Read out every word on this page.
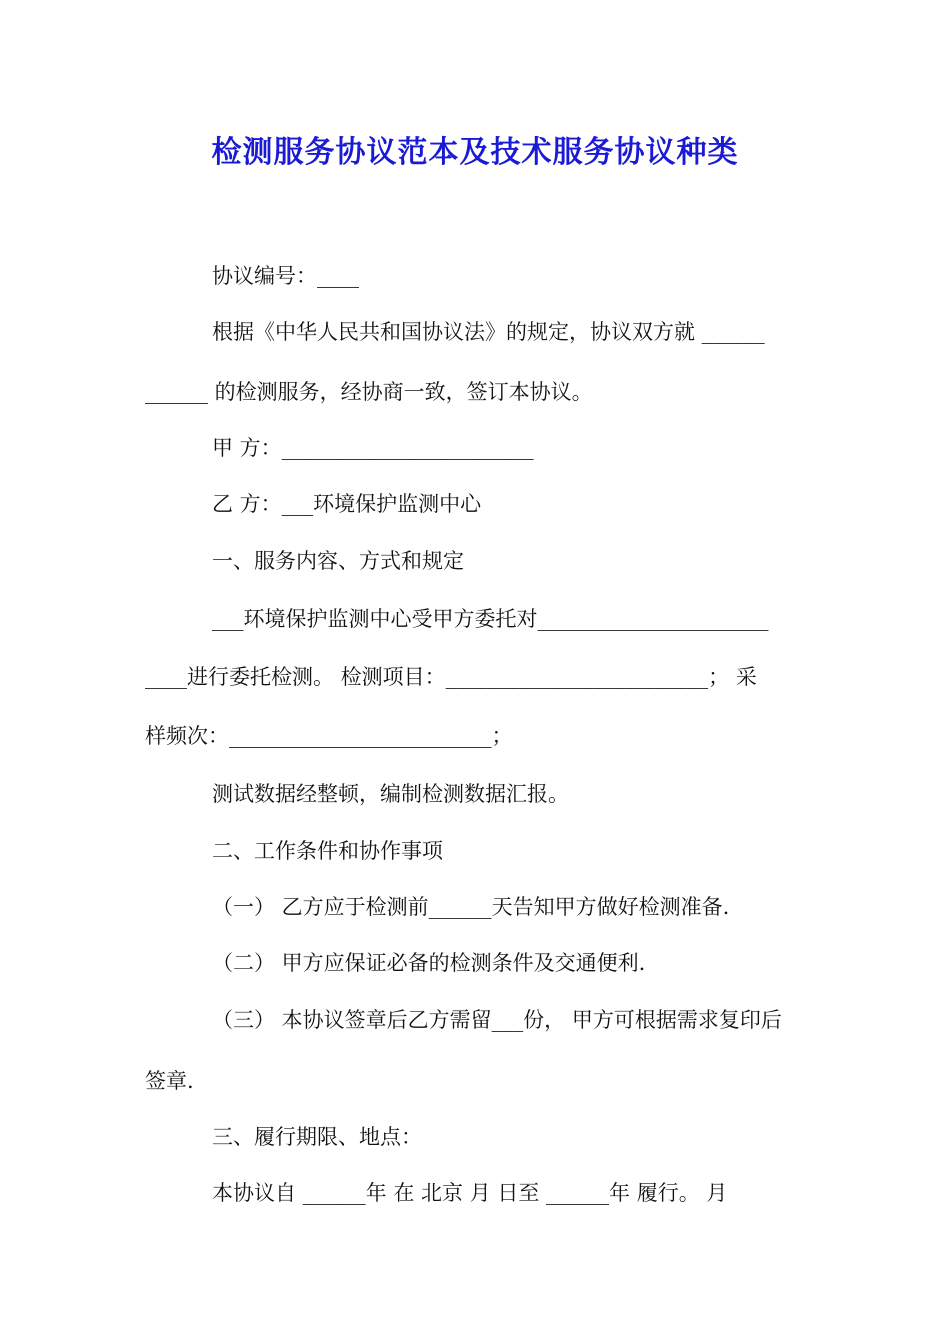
检测服务协议范本及技术服务协议种类
协议编号：____
根据《中华人民共和国协议法》的规定，协议双方就 ______
______ 的检测服务，经协商一致，签订本协议。
甲 方：________________________
乙 方：___环境保护监测中心
一、服务内容、方式和规定
___环境保护监测中心受甲方委托对______________________
____进行委托检测。 检测项目：_________________________； 采
样频次：_________________________；
测试数据经整顿，编制检测数据汇报。
二、工作条件和协作事项
（一） 乙方应于检测前______天告知甲方做好检测准备.
（二） 甲方应保证必备的检测条件及交通便利.
（三） 本协议签章后乙方需留___份， 甲方可根据需求复印后
签章.
三、履行期限、地点：
本协议自 ______年 在 北京 月 日至 ______年 履行。 月
